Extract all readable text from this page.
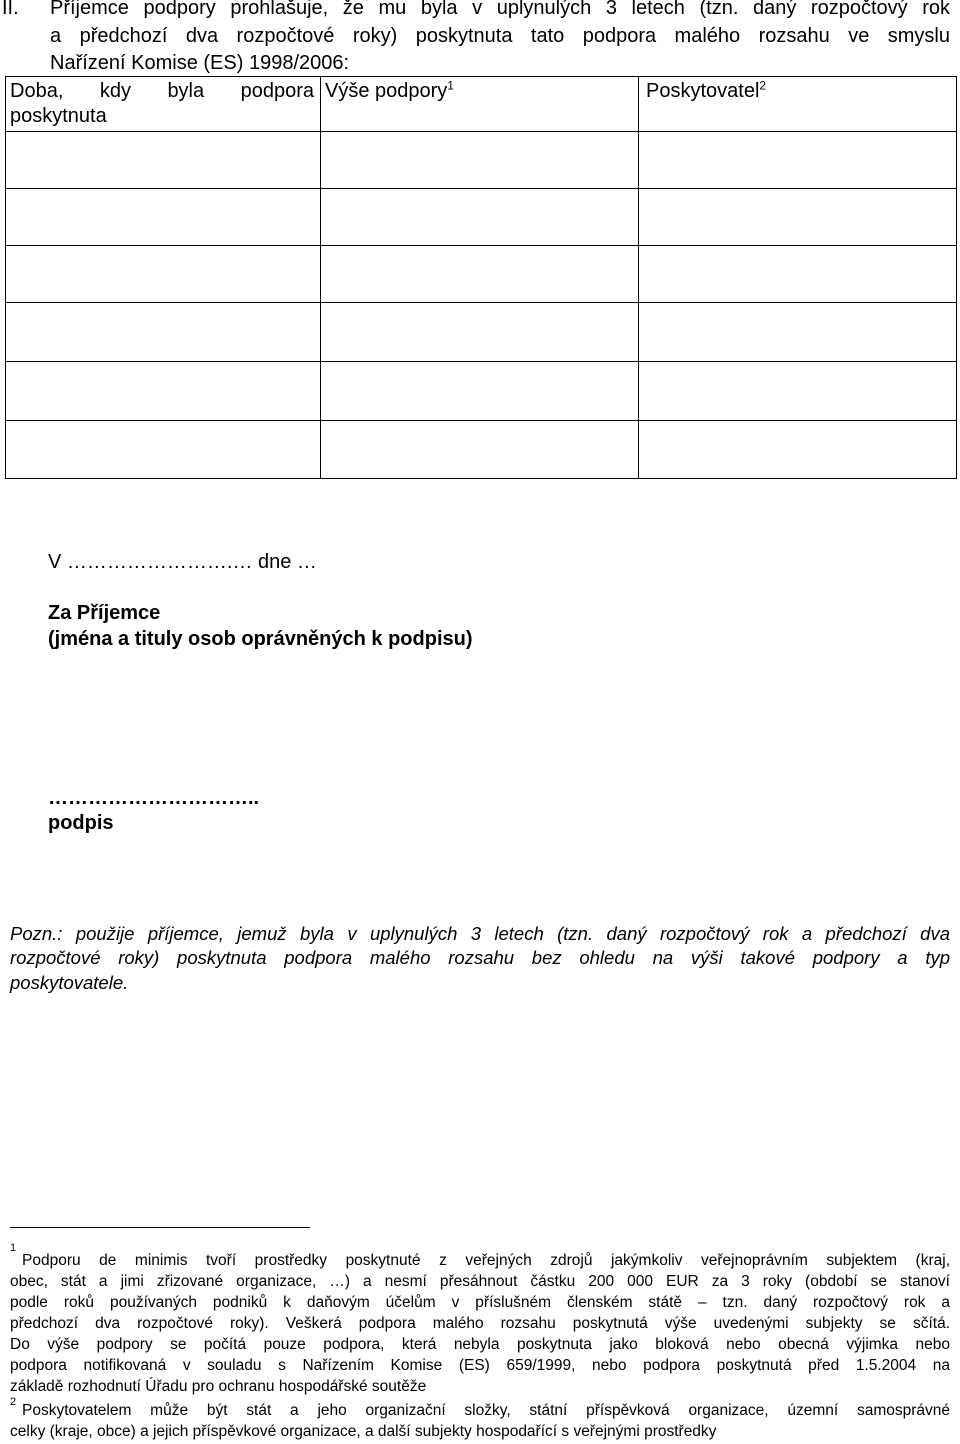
II. Příjemce podpory prohlašuje, že mu byla v uplynulých 3 letech (tzn. daný rozpočtový rok
a předchozí dva rozpočtové roky) poskytnuta tato podpora malého rozsahu ve smyslu
Nařízení Komise (ES) 1998/2006:
Doba, kdy byla podpora
poskytnuta
Výše podpory$^1$	Poskytovatel$^2$
V …………………….… dne …
Za Příjemce
(jména a tituly osob oprávněných k podpisu)
…………………………..
podpis
Pozn.: použije příjemce, jemuž byla v uplynulých 3 letech (tzn. daný rozpočtový rok a předchozí dva
rozpočtové roky) poskytnuta podpora malého rozsahu bez ohledu na výši takové podpory a typ
poskytovatele.
1
Podporu de minimis tvoří prostředky poskytnuté z veřejných zdrojů jakýmkoliv veřejnoprávním subjektem (kraj,
obec, stát a jimi zřizované organizace, …) a nesmí přesáhnout částku 200 000 EUR za 3 roky (období se stanoví
podle roků používaných podniků k daňovým účelům v příslušném členském státě – tzn. daný rozpočtový rok a
předchozí dva rozpočtové roky). Veškerá podpora malého rozsahu poskytnutá výše uvedenými subjekty se sčítá.
Do výše podpory se počítá pouze podpora, která nebyla poskytnuta jako bloková nebo obecná výjimka nebo
podpora notifikovaná v souladu s Nařízením Komise (ES) 659/1999, nebo podpora poskytnutá před 1.5.2004 na
základě rozhodnutí Úřadu pro ochranu hospodářské soutěže
2 Poskytovatelem může být stát a jeho organizační složky, státní příspěvková organizace, územní samosprávné
celky (kraje, obce) a jejich příspěvkové organizace, a další subjekty hospodařící s veřejnými prostředky
